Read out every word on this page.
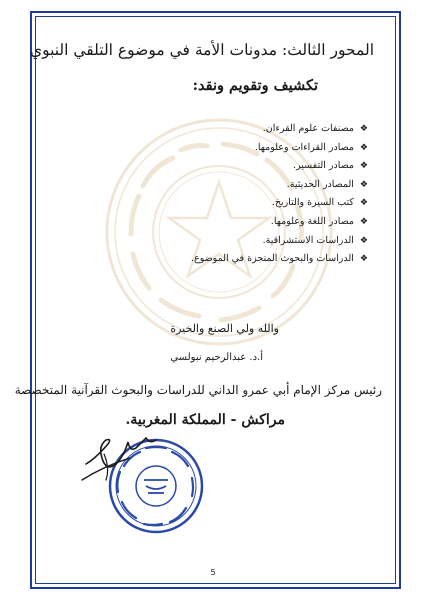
المحور الثالث: مدونات الأمة في موضوع التلقي النبوي
تكشيف وتقويم ونقد:
❖مصنفات علوم القرءان.
❖مصادر القراءات وعلومها.
❖مصادر التفسير.
❖المصادر الحديثية.
❖كتب السيرة والتاريخ.
❖مصادر اللغة وعلومها.
❖الدراسات الاستشراقية.
❖الدراسات والبحوث المنجزة في الموضوع.
والله ولي الصنع والخيرة
أ.د. عبدالرحيم نبولسي
رئيس مركز الإمام أبي عمرو الداني للدراسات والبحوث القرآنية المتخصصة
مراكش - المملكة المغربية.
5
